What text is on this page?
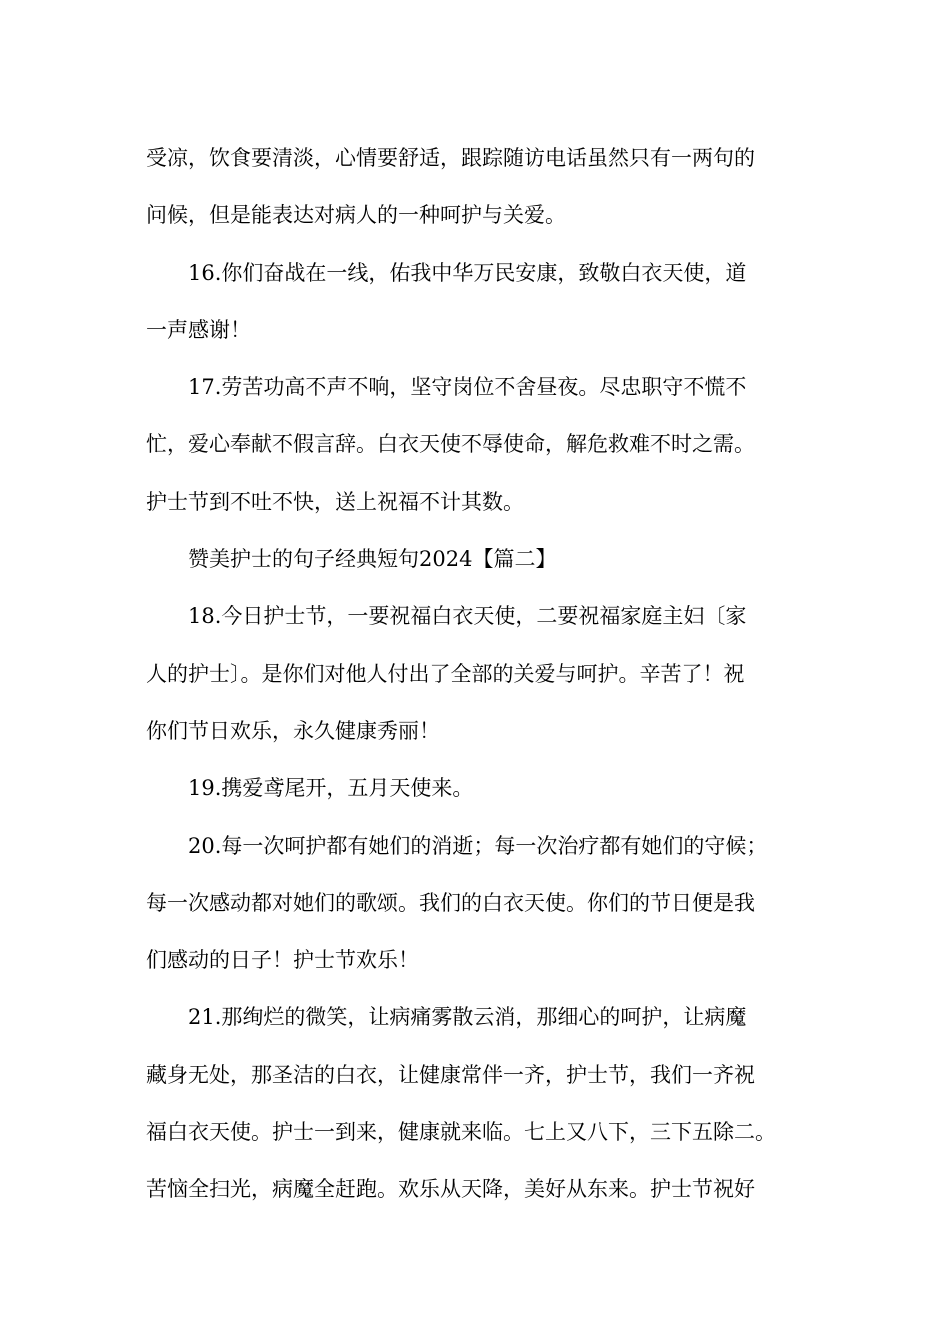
受凉，饮食要清淡，心情要舒适，跟踪随访电话虽然只有一两句的
问候，但是能表达对病人的一种呵护与关爱。

16.你们奋战在一线，佑我中华万民安康，致敬白衣天使，道
一声感谢！

17.劳苦功高不声不响，坚守岗位不舍昼夜。尽忠职守不慌不
忙，爱心奉献不假言辞。白衣天使不辱使命，解危救难不时之需。
护士节到不吐不快，送上祝福不计其数。

赞美护士的句子经典短句2024【篇二】

18.今日护士节，一要祝福白衣天使，二要祝福家庭主妇〔家
人的护士〕。是你们对他人付出了全部的关爱与呵护。辛苦了！祝
你们节日欢乐，永久健康秀丽！

19.携爱鸢尾开，五月天使来。

20.每一次呵护都有她们的消逝；每一次治疗都有她们的守候；
每一次感动都对她们的歌颂。我们的白衣天使。你们的节日便是我
们感动的日子！护士节欢乐！

21.那绚烂的微笑，让病痛雾散云消，那细心的呵护，让病魔
藏身无处，那圣洁的白衣，让健康常伴一齐，护士节，我们一齐祝
福白衣天使。护士一到来，健康就来临。七上又八下，三下五除二。
苦恼全扫光，病魔全赶跑。欢乐从天降，美好从东来。护士节祝好
